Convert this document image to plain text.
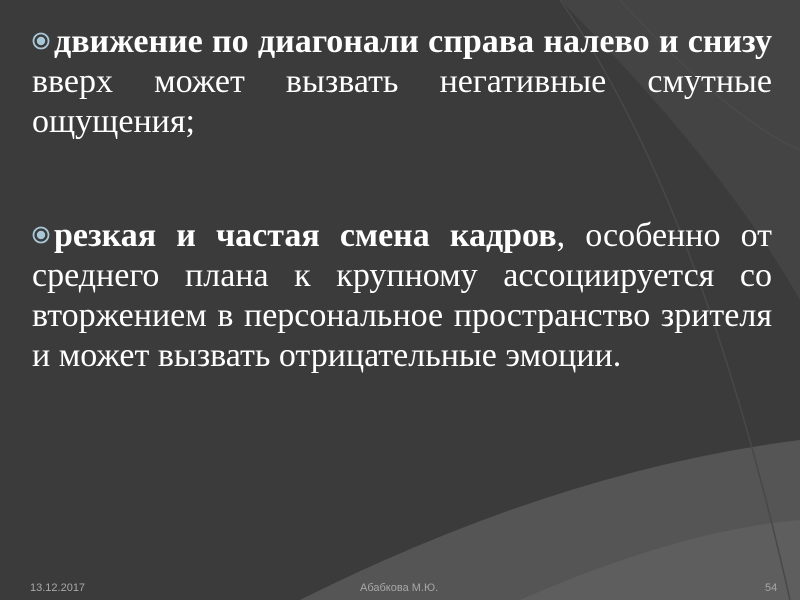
движение по диагонали справа налево и снизу вверх может вызвать негативные смутные ощущения;

резкая и частая смена кадров, особенно от среднего плана к крупному ассоциируется со вторжением в персональное пространство зрителя и может вызвать отрицательные эмоции.

13.12.2017	Абабкова М.Ю.	54
